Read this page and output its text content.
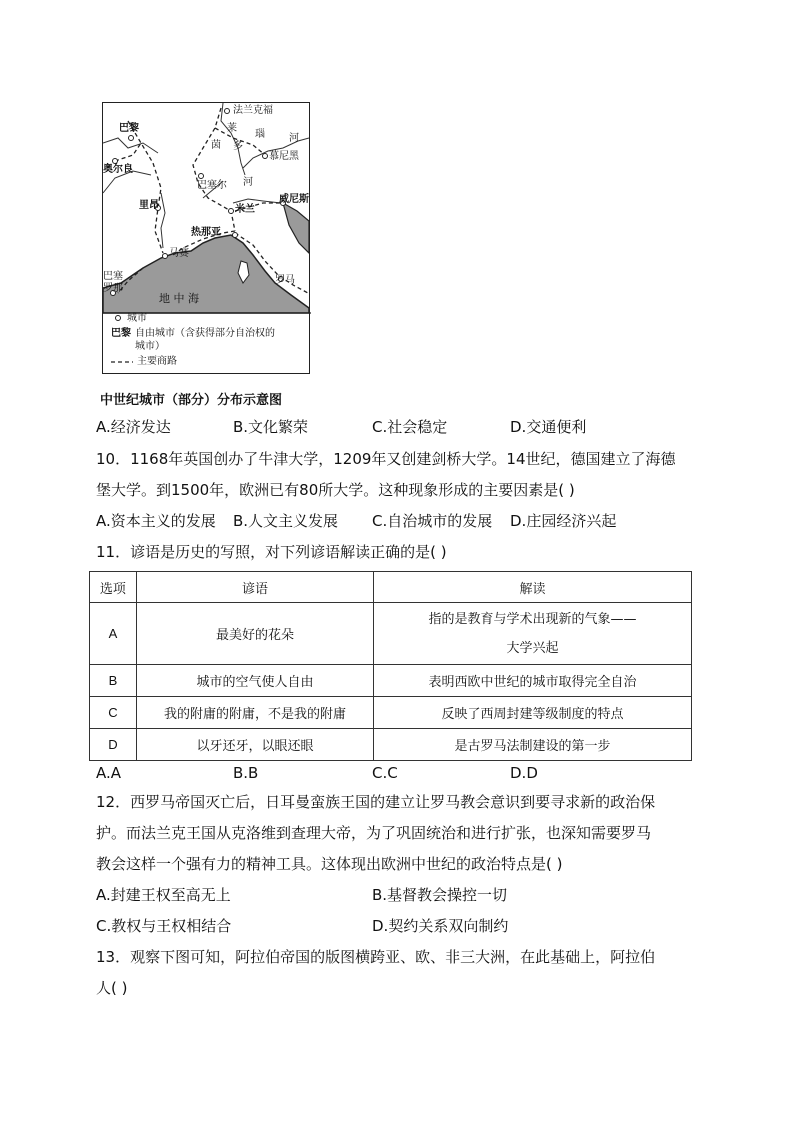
法兰克福
巴黎	莱
瑙 河
茵 多
慕尼黑
奥尔良
巴塞尔 河
威尼斯
里昂	米兰
热那亚
马赛
罗马
巴塞
罗那
地 中 海
城市
巴黎 自由城市（含获得部分自治权的
城市）
主要商路
中世纪城市（部分）分布示意图
A.经济发达	B.文化繁荣	C.社会稳定	D.交通便利
10．1168年英国创办了牛津大学，1209年又创建剑桥大学。14世纪，德国建立了海德
堡大学。到1500年，欧洲已有80所大学。这种现象形成的主要因素是( )
A.资本主义的发展 B.人文主义发展 C.自治城市的发展 D.庄园经济兴起
11．谚语是历史的写照，对下列谚语解读正确的是( )
选项	谚语	解读
A	最美好的花朵	指的是教育与学术出现新的气象——
大学兴起

B	城市的空气使人自由	表明西欧中世纪的城市取得完全自治
C	我的附庸的附庸，不是我的附庸	反映了西周封建等级制度的特点
D	以牙还牙，以眼还眼	是古罗马法制建设的第一步
A.A	B.B	C.C	D.D
12．西罗马帝国灭亡后，日耳曼蛮族王国的建立让罗马教会意识到要寻求新的政治保
护。而法兰克王国从克洛维到查理大帝，为了巩固统治和进行扩张，也深知需要罗马
教会这样一个强有力的精神工具。这体现出欧洲中世纪的政治特点是( )
A.封建王权至高无上	B.基督教会操控一切
C.教权与王权相结合	D.契约关系双向制约
13．观察下图可知，阿拉伯帝国的版图横跨亚、欧、非三大洲，在此基础上，阿拉伯
人( )
